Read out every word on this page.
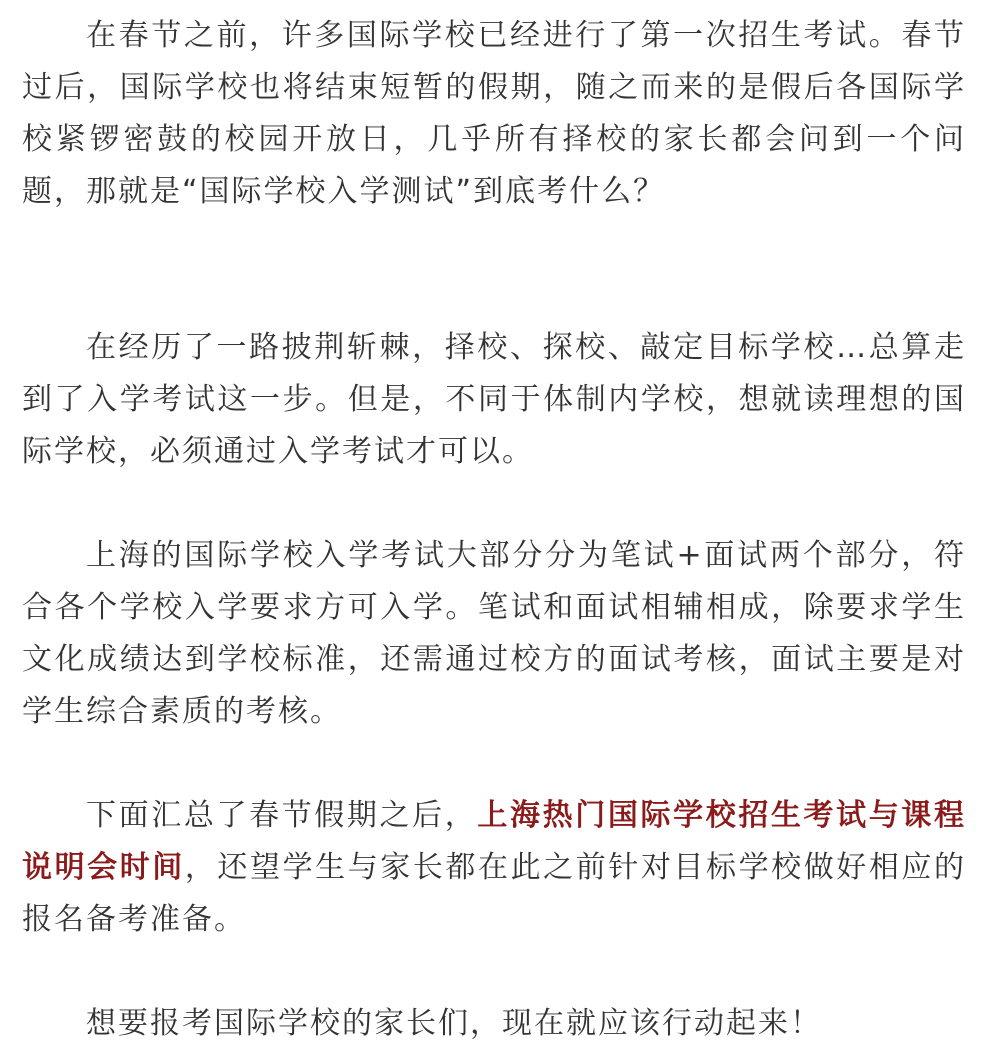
在春节之前，许多国际学校已经进行了第一次招生考试。春节过后，国际学校也将结束短暂的假期，随之而来的是假后各国际学校紧锣密鼓的校园开放日，几乎所有择校的家长都会问到一个问题，那就是“国际学校入学测试”到底考什么？

在经历了一路披荆斩棘，择校、探校、敲定目标学校…总算走到了入学考试这一步。但是，不同于体制内学校，想就读理想的国际学校，必须通过入学考试才可以。

上海的国际学校入学考试大部分分为笔试+面试两个部分，符合各个学校入学要求方可入学。笔试和面试相辅相成，除要求学生文化成绩达到学校标准，还需通过校方的面试考核，面试主要是对学生综合素质的考核。

下面汇总了春节假期之后，上海热门国际学校招生考试与课程说明会时间，还望学生与家长都在此之前针对目标学校做好相应的报名备考准备。

想要报考国际学校的家长们，现在就应该行动起来！
